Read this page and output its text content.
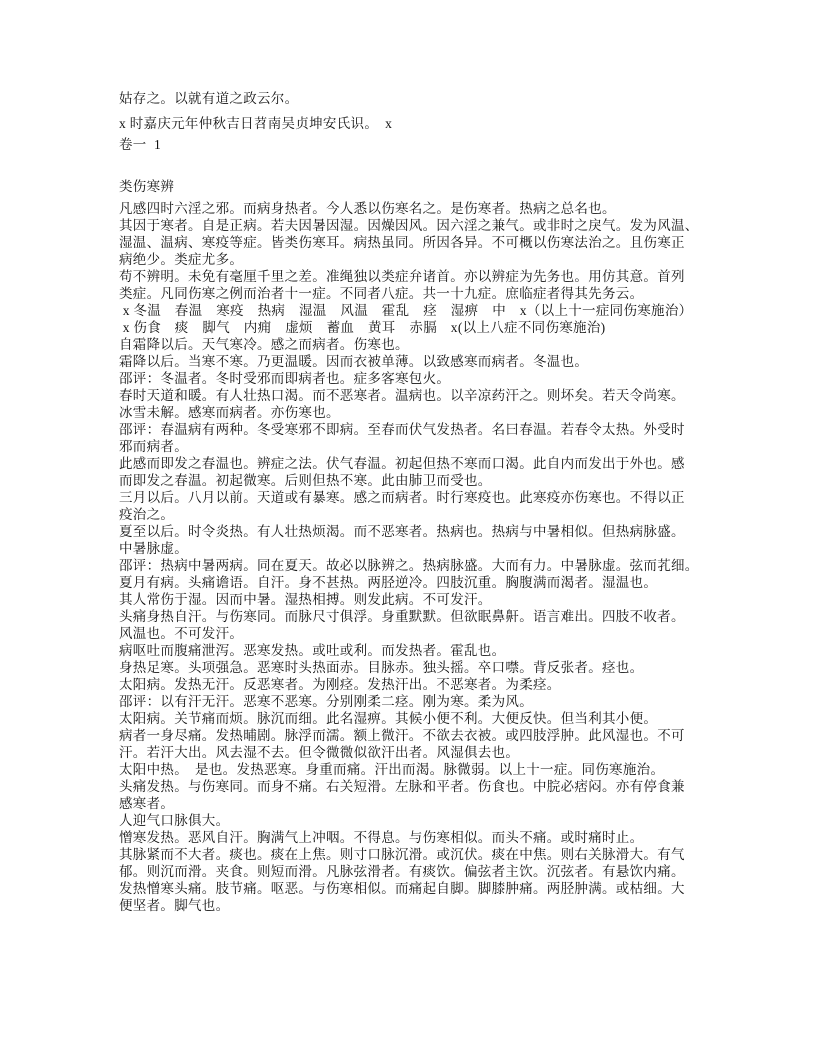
姑存之。以就有道之政云尔。
x 时嘉庆元年仲秋吉日苕南吴贞坤安氏识。　x
卷一  1
类伤寒辨
凡感四时六淫之邪。而病身热者。今人悉以伤寒名之。是伤寒者。热病之总名也。
其因于寒者。自是正病。若夫因暑因湿。因燥因风。因六淫之兼气。或非时之戾气。发为风温、
湿温、温病、寒疫等症。皆类伤寒耳。病热虽同。所因各异。不可概以伤寒法治之。且伤寒正
病绝少。类症尤多。
苟不辨明。未免有毫厘千里之差。准绳独以类症弁诸首。亦以辨症为先务也。用仿其意。首列
类症。凡同伤寒之例而治者十一症。不同者八症。共一十九症。庶临症者得其先务云。
x 冬温　春温　寒疫　热病　湿温　风温　霍乱　痉　湿痹　中　x（以上十一症同伤寒施治）
x 伤食　痰　脚气　内痈　虚烦　蓄血　黄耳　赤膈　x(以上八症不同伤寒施治)
自霜降以后。天气寒冷。感之而病者。伤寒也。
霜降以后。当寒不寒。乃更温暖。因而衣被单薄。以致感寒而病者。冬温也。
邵评：冬温者。冬时受邪而即病者也。症多客寒包火。
春时天道和暖。有人壮热口渴。而不恶寒者。温病也。以辛凉药汗之。则坏矣。若天令尚寒。
冰雪未解。感寒而病者。亦伤寒也。
邵评：春温病有两种。冬受寒邪不即病。至春而伏气发热者。名曰春温。若春令太热。外受时
邪而病者。
此感而即发之春温也。辨症之法。伏气春温。初起但热不寒而口渴。此自内而发出于外也。感
而即发之春温。初起微寒。后则但热不寒。此由肺卫而受也。
三月以后。八月以前。天道或有暴寒。感之而病者。时行寒疫也。此寒疫亦伤寒也。不得以正
疫治之。
夏至以后。时令炎热。有人壮热烦渴。而不恶寒者。热病也。热病与中暑相似。但热病脉盛。
中暑脉虚。
邵评：热病中暑两病。同在夏天。故必以脉辨之。热病脉盛。大而有力。中暑脉虚。弦而芤细。
夏月有病。头痛谵语。自汗。身不甚热。两胫逆冷。四肢沉重。胸腹满而渴者。湿温也。
其人常伤于湿。因而中暑。湿热相搏。则发此病。不可发汗。
头痛身热自汗。与伤寒同。而脉尺寸俱浮。身重默默。但欲眠鼻鼾。语言难出。四肢不收者。
风温也。不可发汗。
病呕吐而腹痛泄泻。恶寒发热。或吐或利。而发热者。霍乱也。
身热足寒。头项强急。恶寒时头热面赤。目脉赤。独头摇。卒口噤。背反张者。痉也。
太阳病。发热无汗。反恶寒者。为刚痉。发热汗出。不恶寒者。为柔痉。
邵评：以有汗无汗。恶寒不恶寒。分别刚柔二痉。刚为寒。柔为风。
太阳病。关节痛而烦。脉沉而细。此名湿痹。其候小便不利。大便反快。但当利其小便。
病者一身尽痛。发热晡剧。脉浮而濡。额上微汗。不欲去衣被。或四肢浮肿。此风湿也。不可
汗。若汗大出。风去湿不去。但令微微似欲汗出者。风湿俱去也。
太阳中热。　是也。发热恶寒。身重而痛。汗出而渴。脉微弱。以上十一症。同伤寒施治。
头痛发热。与伤寒同。而身不痛。右关短滑。左脉和平者。伤食也。中脘必痞闷。亦有停食兼
感寒者。
人迎气口脉俱大。
憎寒发热。恶风自汗。胸满气上冲咽。不得息。与伤寒相似。而头不痛。或时痛时止。
其脉紧而不大者。痰也。痰在上焦。则寸口脉沉滑。或沉伏。痰在中焦。则右关脉滑大。有气
郁。则沉而滑。夹食。则短而滑。凡脉弦滑者。有痰饮。偏弦者主饮。沉弦者。有悬饮内痛。
发热憎寒头痛。肢节痛。呕恶。与伤寒相似。而痛起自脚。脚膝肿痛。两胫肿满。或枯细。大
便坚者。脚气也。
